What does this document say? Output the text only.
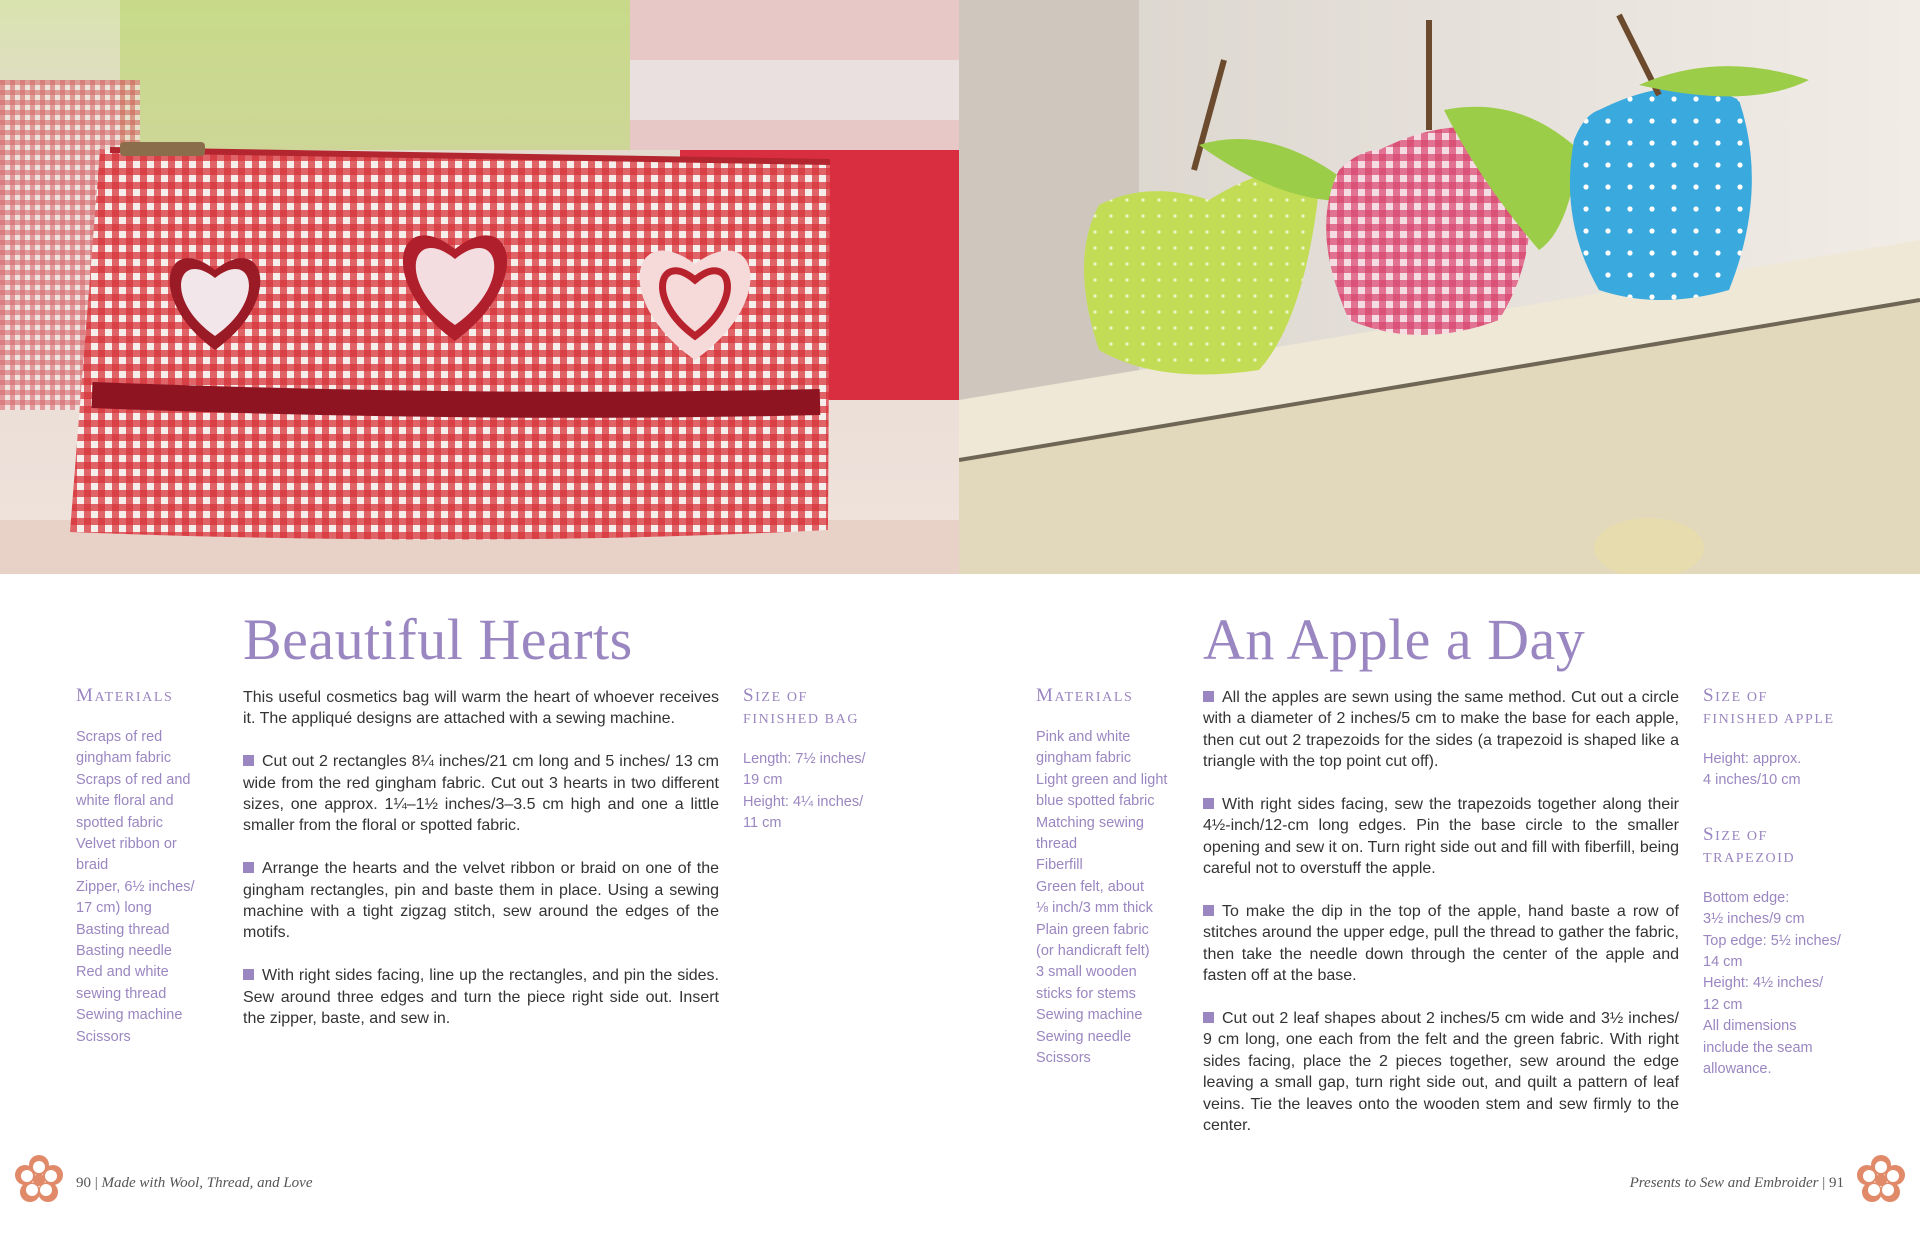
Beautiful Hearts
MATERIALS
Scraps of red
gingham fabric
Scraps of red and
white floral and
spotted fabric
Velvet ribbon or
braid
Zipper, 6½ inches/
17 cm) long
Basting thread
Basting needle
Red and white
sewing thread
Sewing machine
Scissors

This useful cosmetics bag will warm the heart of whoever receives it. The appliqué designs are attached with a sewing machine.

Cut out 2 rectangles 8¼ inches/21 cm long and 5 inches/ 13 cm wide from the red gingham fabric. Cut out 3 hearts in two different sizes, one approx. 1¼–1½ inches/3–3.5 cm high and one a little smaller from the floral or spotted fabric.

Arrange the hearts and the velvet ribbon or braid on one of the gingham rectangles, pin and baste them in place. Using a sewing machine with a tight zigzag stitch, sew around the edges of the motifs.

With right sides facing, line up the rectangles, and pin the sides. Sew around three edges and turn the piece right side out. Insert the zipper, baste, and sew in.

SIZE OF
FINISHED BAG
Length: 7½ inches/
19 cm
Height: 4¼ inches/
11 cm
An Apple a Day
MATERIALS
Pink and white
gingham fabric
Light green and light
blue spotted fabric
Matching sewing
thread
Fiberfill
Green felt, about
⅛ inch/3 mm thick
Plain green fabric
(or handicraft felt)
3 small wooden
sticks for stems
Sewing machine
Sewing needle
Scissors

All the apples are sewn using the same method. Cut out a circle with a diameter of 2 inches/5 cm to make the base for each apple, then cut out 2 trapezoids for the sides (a trapezoid is shaped like a triangle with the top point cut off).

With right sides facing, sew the trapezoids together along their 4½-inch/12-cm long edges. Pin the base circle to the smaller opening and sew it on. Turn right side out and fill with fiberfill, being careful not to overstuff the apple.

To make the dip in the top of the apple, hand baste a row of stitches around the upper edge, pull the thread to gather the fabric, then take the needle down through the center of the apple and fasten off at the base.

Cut out 2 leaf shapes about 2 inches/5 cm wide and 3½ inches/ 9 cm long, one each from the felt and the green fabric. With right sides facing, place the 2 pieces together, sew around the edge leaving a small gap, turn right side out, and quilt a pattern of leaf veins. Tie the leaves onto the wooden stem and sew firmly to the center.

SIZE OF
FINISHED APPLE
Height: approx.
4 inches/10 cm
SIZE OF
TRAPEZOID
Bottom edge:
3½ inches/9 cm
Top edge: 5½ inches/
14 cm
Height: 4½ inches/
12 cm
All dimensions
include the seam
allowance.
90 | Made with Wool, Thread, and Love	Presents to Sew and Embroider | 91
